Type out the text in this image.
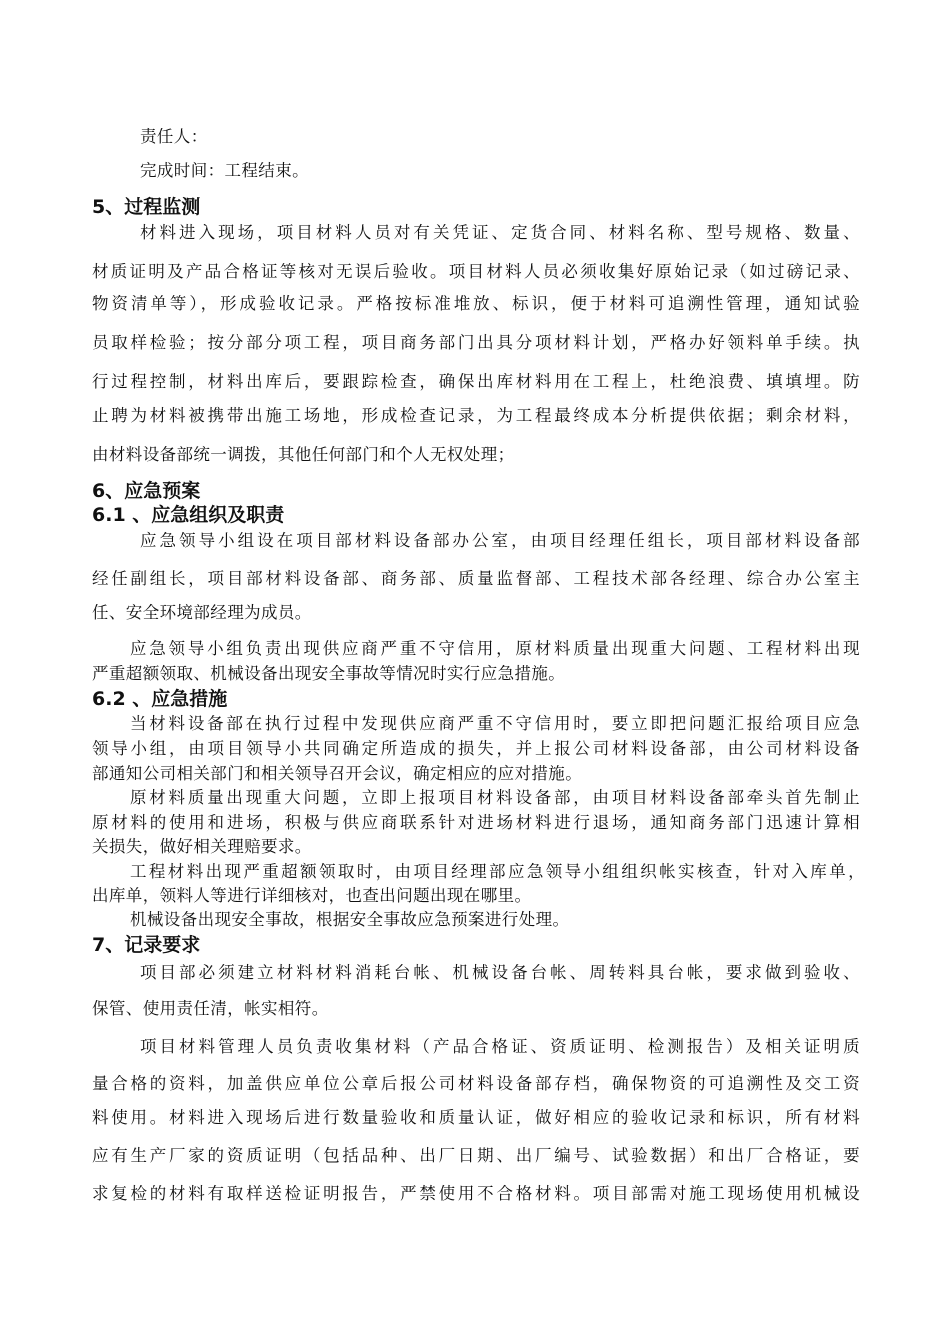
责任人：

完成时间：工程结束。

5、过程监测

材料进入现场，项目材料人员对有关凭证、定货合同、材料名称、型号规格、数量、

材质证明及产品合格证等核对无误后验收。项目材料人员必须收集好原始记录（如过磅记录、

物资清单等），形成验收记录。严格按标准堆放、标识，便于材料可追溯性管理，通知试验

员取样检验；按分部分项工程，项目商务部门出具分项材料计划，严格办好领料单手续。执

行过程控制，材料出库后，要跟踪检查，确保出库材料用在工程上，杜绝浪费、填填埋。防

止聘为材料被携带出施工场地，形成检查记录，为工程最终成本分析提供依据；剩余材料，

由材料设备部统一调拨，其他任何部门和个人无权处理；

6、应急预案
6.1 、应急组织及职责

应急领导小组设在项目部材料设备部办公室，由项目经理任组长，项目部材料设备部

经任副组长，项目部材料设备部、商务部、质量监督部、工程技术部各经理、综合办公室主

任、安全环境部经理为成员。

应急领导小组负责出现供应商严重不守信用，原材料质量出现重大问题、工程材料出现

严重超额领取、机械设备出现安全事故等情况时实行应急措施。

6.2 、应急措施

当材料设备部在执行过程中发现供应商严重不守信用时，要立即把问题汇报给项目应急

领导小组，由项目领导小共同确定所造成的损失，并上报公司材料设备部，由公司材料设备

部通知公司相关部门和相关领导召开会议，确定相应的应对措施。

原材料质量出现重大问题，立即上报项目材料设备部，由项目材料设备部牵头首先制止

原材料的使用和进场，积极与供应商联系针对进场材料进行退场，通知商务部门迅速计算相

关损失，做好相关理赔要求。

工程材料出现严重超额领取时，由项目经理部应急领导小组组织帐实核查，针对入库单，

出库单，领料人等进行详细核对，也查出问题出现在哪里。

机械设备出现安全事故，根据安全事故应急预案进行处理。

7、记录要求

项目部必须建立材料材料消耗台帐、机械设备台帐、周转料具台帐，要求做到验收、

保管、使用责任清，帐实相符。

项目材料管理人员负责收集材料（产品合格证、资质证明、检测报告）及相关证明质

量合格的资料，加盖供应单位公章后报公司材料设备部存档，确保物资的可追溯性及交工资

料使用。材料进入现场后进行数量验收和质量认证，做好相应的验收记录和标识，所有材料

应有生产厂家的资质证明（包括品种、出厂日期、出厂编号、试验数据）和出厂合格证，要

求复检的材料有取样送检证明报告，严禁使用不合格材料。项目部需对施工现场使用机械设
